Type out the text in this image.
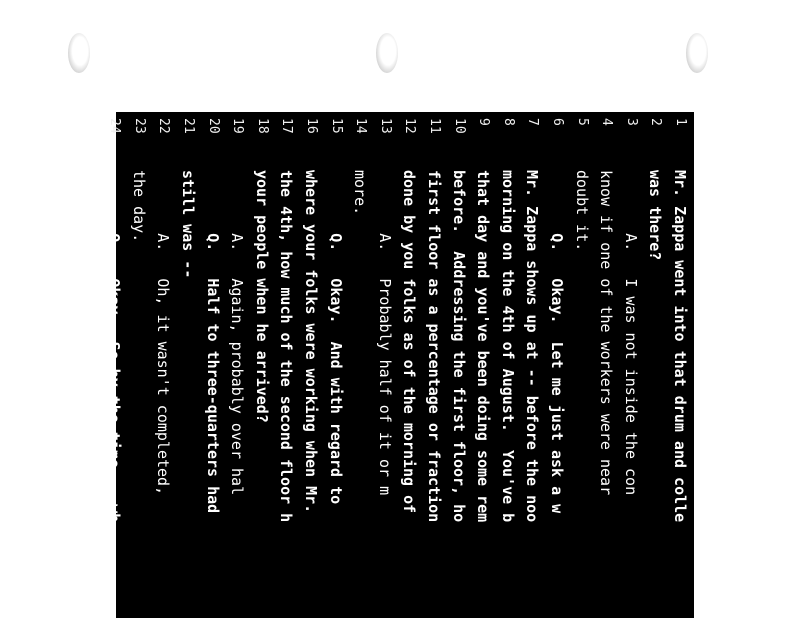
1
Mr. Zappa went into that drum and colle
2
was there?
3
A.   I was not inside the con
4
know if one of the workers were near
5
doubt it.
6
Q.   Okay.  Let me just ask a w
7
Mr. Zappa shows up at -- before the noo
8
morning on the 4th of August.  You've b
9
that day and you've been doing some rem
10
before.  Addressing the first floor, ho
11
first floor as a percentage or fraction
12
done by you folks as of the morning of
13
A.   Probably half of it or m
14
more.
15
Q.   Okay.  And with regard to
16
where your folks were working when Mr.
17
the 4th, how much of the second floor h
18
your people when he arrived?
19
A.   Again, probably over hal
20
Q.   Half to three-quarters had
21
still was --
22
A.   Oh, it wasn't completed,
23
the day.
24
Q.   Okay.  So by the time -- wh
